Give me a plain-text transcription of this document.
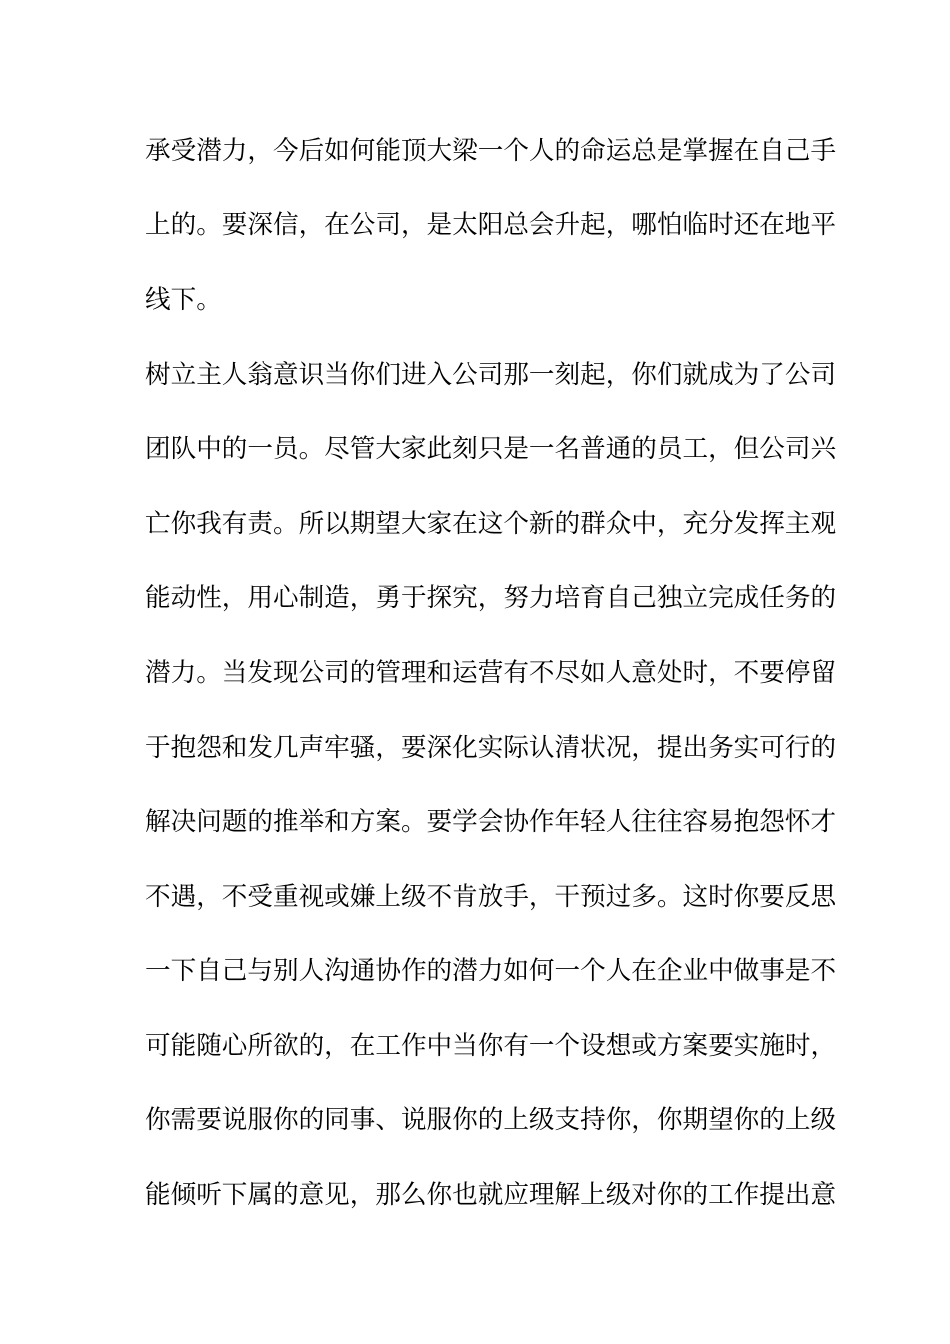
承受潜力，今后如何能顶大梁一个人的命运总是掌握在自己手
上的。要深信，在公司，是太阳总会升起，哪怕临时还在地平
线下。
树立主人翁意识当你们进入公司那一刻起，你们就成为了公司
团队中的一员。尽管大家此刻只是一名普通的员工，但公司兴
亡你我有责。所以期望大家在这个新的群众中，充分发挥主观
能动性，用心制造，勇于探究，努力培育自己独立完成任务的
潜力。当发现公司的管理和运营有不尽如人意处时，不要停留
于抱怨和发几声牢骚，要深化实际认清状况，提出务实可行的
解决问题的推举和方案。要学会协作年轻人往往容易抱怨怀才
不遇，不受重视或嫌上级不肯放手，干预过多。这时你要反思
一下自己与别人沟通协作的潜力如何一个人在企业中做事是不
可能随心所欲的，在工作中当你有一个设想或方案要实施时，
你需要说服你的同事、说服你的上级支持你，你期望你的上级
能倾听下属的意见，那么你也就应理解上级对你的工作提出意
